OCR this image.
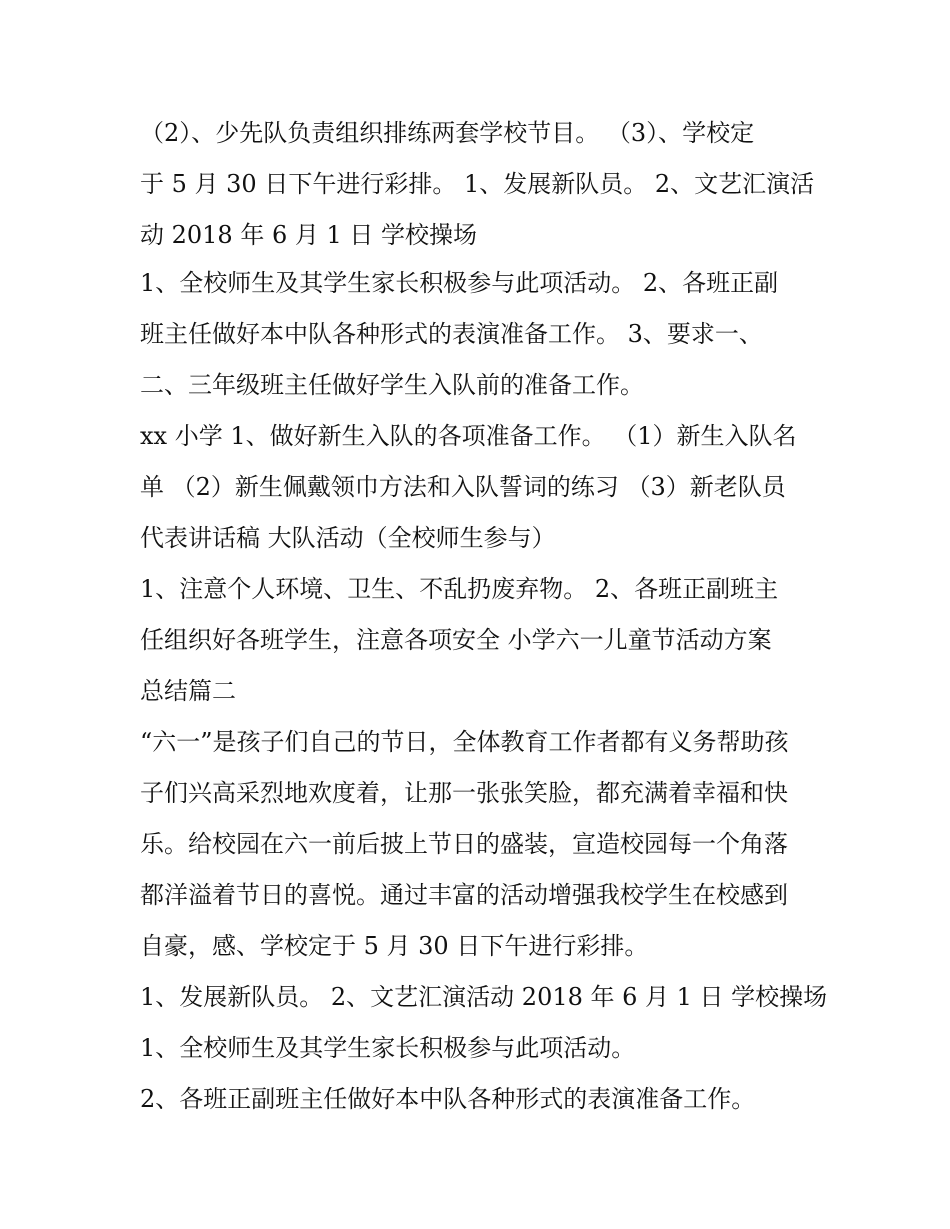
（2）、少先队负责组织排练两套学校节目。 （3）、学校定
于 5 月 30 日下午进行彩排。 1、发展新队员。 2、文艺汇演活
动 2018 年 6 月 1 日 学校操场

1、全校师生及其学生家长积极参与此项活动。 2、各班正副
班主任做好本中队各种形式的表演准备工作。 3、要求一、
二、三年级班主任做好学生入队前的准备工作。

xx 小学 1、做好新生入队的各项准备工作。 （1）新生入队名
单 （2）新生佩戴领巾方法和入队誓词的练习 （3）新老队员
代表讲话稿 大队活动（全校师生参与）

1、注意个人环境、卫生、不乱扔废弃物。 2、各班正副班主
任组织好各班学生，注意各项安全 小学六一儿童节活动方案
总结篇二

“六一”是孩子们自己的节日，全体教育工作者都有义务帮助孩
子们兴高采烈地欢度着，让那一张张笑脸，都充满着幸福和快
乐。给校园在六一前后披上节日的盛装，宣造校园每一个角落
都洋溢着节日的喜悦。通过丰富的活动增强我校学生在校感到
自豪，感、学校定于 5 月 30 日下午进行彩排。

1、发展新队员。 2、文艺汇演活动 2018 年 6 月 1 日 学校操场

1、全校师生及其学生家长积极参与此项活动。

2、各班正副班主任做好本中队各种形式的表演准备工作。
